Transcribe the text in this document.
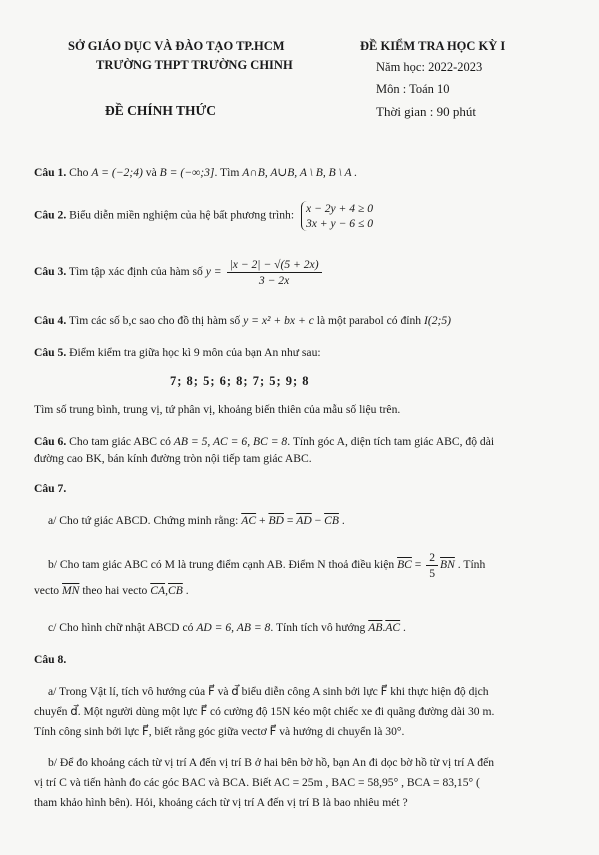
SỞ GIÁO DỤC VÀ ĐÀO TẠO TP.HCM
TRƯỜNG THPT TRƯỜNG CHINH
ĐỀ CHÍNH THỨC
ĐỀ KIỂM TRA HỌC KỲ I
Năm học: 2022-2023
Môn : Toán 10
Thời gian : 90 phút
Câu 1. Cho A = (−2;4) và B = (−∞;3]. Tìm A∩B, A∪B, A \ B, B \ A .
Câu 2. Biểu diễn miền nghiệm của hệ bất phương trình:
x − 2y + 4 ≥ 0
3x + y − 6 ≤ 0
Câu 3. Tìm tập xác định của hàm số $y = \frac{|x - 2| - √(5 + 2x)}{3 - 2x}$
Câu 4. Tìm các số b,c sao cho đồ thị hàm số y = x² + bx + c là một parabol có đỉnh I(2;5)
Câu 5. Điểm kiểm tra giữa học kì 9 môn của bạn An như sau:
7; 8; 5; 6; 8; 7; 5; 9; 8
Tìm số trung bình, trung vị, tứ phân vị, khoảng biến thiên của mẫu số liệu trên.
Câu 6. Cho tam giác ABC có AB = 5, AC = 6, BC = 8. Tính góc A, diện tích tam giác ABC, độ dài
đường cao BK, bán kính đường tròn nội tiếp tam giác ABC.
Câu 7.
a/ Cho tứ giác ABCD. Chứng minh rằng: $\overline{AC} + \overline{BD} = \overline{AD} - \overline{CB}$ .
b/ Cho tam giác ABC có M là trung điểm cạnh AB. Điểm N thoả điều kiện $\overline{BC} = \frac{2}{5} \overline{BN}$ . Tính
vecto $\overline{MN}$ theo hai vecto $\overline{CA},\overline{CB}$ .
c/ Cho hình chữ nhật ABCD có AD = 6, AB = 8. Tính tích vô hướng $\overline{AB}.\overline{AC}$ .
Câu 8.
a/ Trong Vật lí, tích vô hướng của F⃗ và d⃗ biểu diễn công A sinh bởi lực F⃗ khi thực hiện độ dịch
chuyển d⃗. Một người dùng một lực F⃗ có cường độ 15N kéo một chiếc xe đi quãng đường dài 30 m.
Tính công sinh bởi lực F⃗, biết rằng góc giữa vectơ F⃗ và hướng di chuyển là 30°.
b/ Để đo khoảng cách từ vị trí A đến vị trí B ở hai bên bờ hồ, bạn An đi dọc bờ hồ từ vị trí A đến
vị trí C và tiến hành đo các góc BAC và BCA. Biết AC = 25m , BAC = 58,95° , BCA = 83,15° (
tham khảo hình bên). Hỏi, khoảng cách từ vị trí A đến vị trí B là bao nhiêu mét ?
